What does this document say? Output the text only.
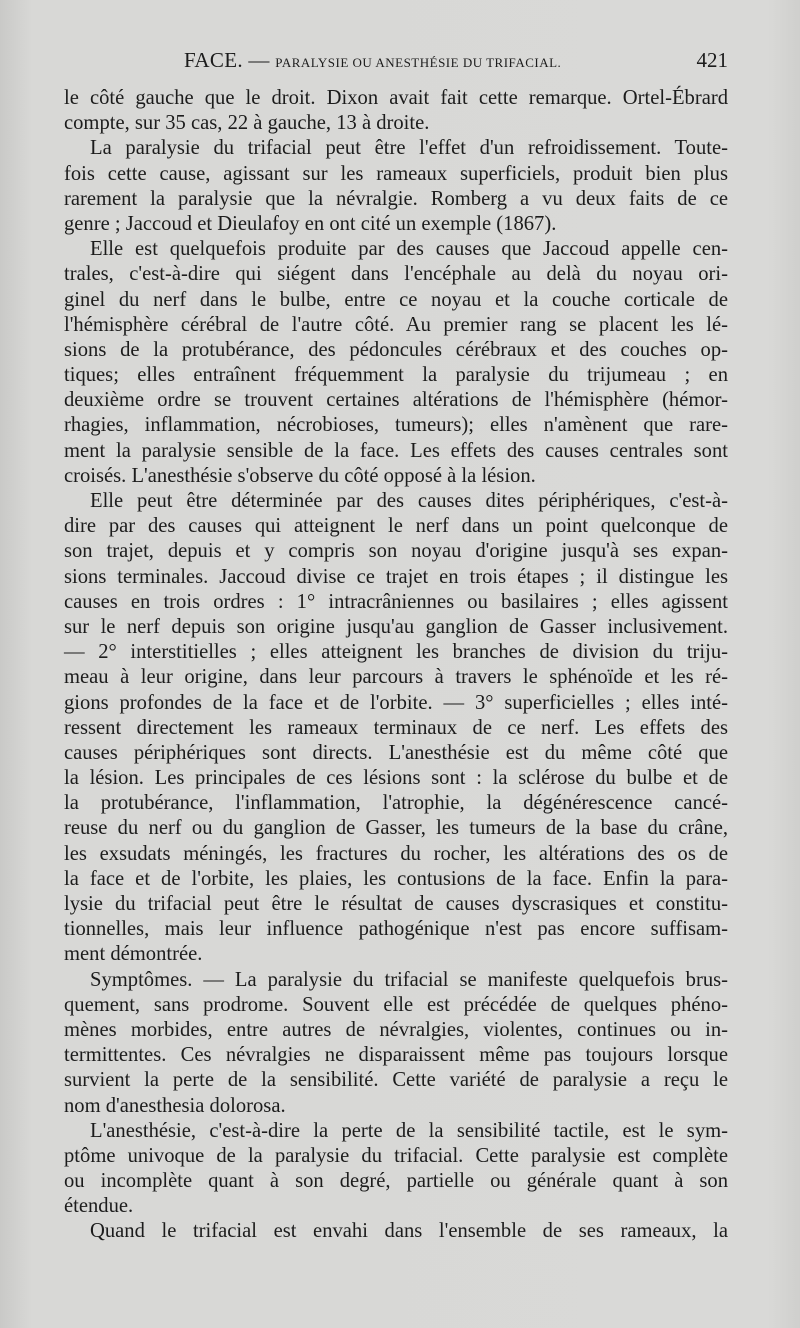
FACE. — PARALYSIE OU ANESTHÉSIE DU TRIFACIAL.	421
le côté gauche que le droit. Dixon avait fait cette remarque. Ortel-Ébrard
compte, sur 35 cas, 22 à gauche, 13 à droite.
La paralysie du trifacial peut être l'effet d'un refroidissement. Toute-
fois cette cause, agissant sur les rameaux superficiels, produit bien plus
rarement la paralysie que la névralgie. Romberg a vu deux faits de ce
genre ; Jaccoud et Dieulafoy en ont cité un exemple (1867).
Elle est quelquefois produite par des causes que Jaccoud appelle cen-
trales, c'est-à-dire qui siégent dans l'encéphale au delà du noyau ori-
ginel du nerf dans le bulbe, entre ce noyau et la couche corticale de
l'hémisphère cérébral de l'autre côté. Au premier rang se placent les lé-
sions de la protubérance, des pédoncules cérébraux et des couches op-
tiques; elles entraînent fréquemment la paralysie du trijumeau ; en
deuxième ordre se trouvent certaines altérations de l'hémisphère (hémor-
rhagies, inflammation, nécrobioses, tumeurs); elles n'amènent que rare-
ment la paralysie sensible de la face. Les effets des causes centrales sont
croisés. L'anesthésie s'observe du côté opposé à la lésion.
Elle peut être déterminée par des causes dites périphériques, c'est-à-
dire par des causes qui atteignent le nerf dans un point quelconque de
son trajet, depuis et y compris son noyau d'origine jusqu'à ses expan-
sions terminales. Jaccoud divise ce trajet en trois étapes ; il distingue les
causes en trois ordres : 1° intracrâniennes ou basilaires ; elles agissent
sur le nerf depuis son origine jusqu'au ganglion de Gasser inclusivement.
— 2° interstitielles ; elles atteignent les branches de division du triju-
meau à leur origine, dans leur parcours à travers le sphénoïde et les ré-
gions profondes de la face et de l'orbite. — 3° superficielles ; elles inté-
ressent directement les rameaux terminaux de ce nerf. Les effets des
causes périphériques sont directs. L'anesthésie est du même côté que
la lésion. Les principales de ces lésions sont : la sclérose du bulbe et de
la protubérance, l'inflammation, l'atrophie, la dégénérescence cancé-
reuse du nerf ou du ganglion de Gasser, les tumeurs de la base du crâne,
les exsudats méningés, les fractures du rocher, les altérations des os de
la face et de l'orbite, les plaies, les contusions de la face. Enfin la para-
lysie du trifacial peut être le résultat de causes dyscrasiques et constitu-
tionnelles, mais leur influence pathogénique n'est pas encore suffisam-
ment démontrée.
Symptômes. — La paralysie du trifacial se manifeste quelquefois brus-
quement, sans prodrome. Souvent elle est précédée de quelques phéno-
mènes morbides, entre autres de névralgies, violentes, continues ou in-
termittentes. Ces névralgies ne disparaissent même pas toujours lorsque
survient la perte de la sensibilité. Cette variété de paralysie a reçu le
nom d'anesthesia dolorosa.
L'anesthésie, c'est-à-dire la perte de la sensibilité tactile, est le sym-
ptôme univoque de la paralysie du trifacial. Cette paralysie est complète
ou incomplète quant à son degré, partielle ou générale quant à son
étendue.
Quand le trifacial est envahi dans l'ensemble de ses rameaux, la
